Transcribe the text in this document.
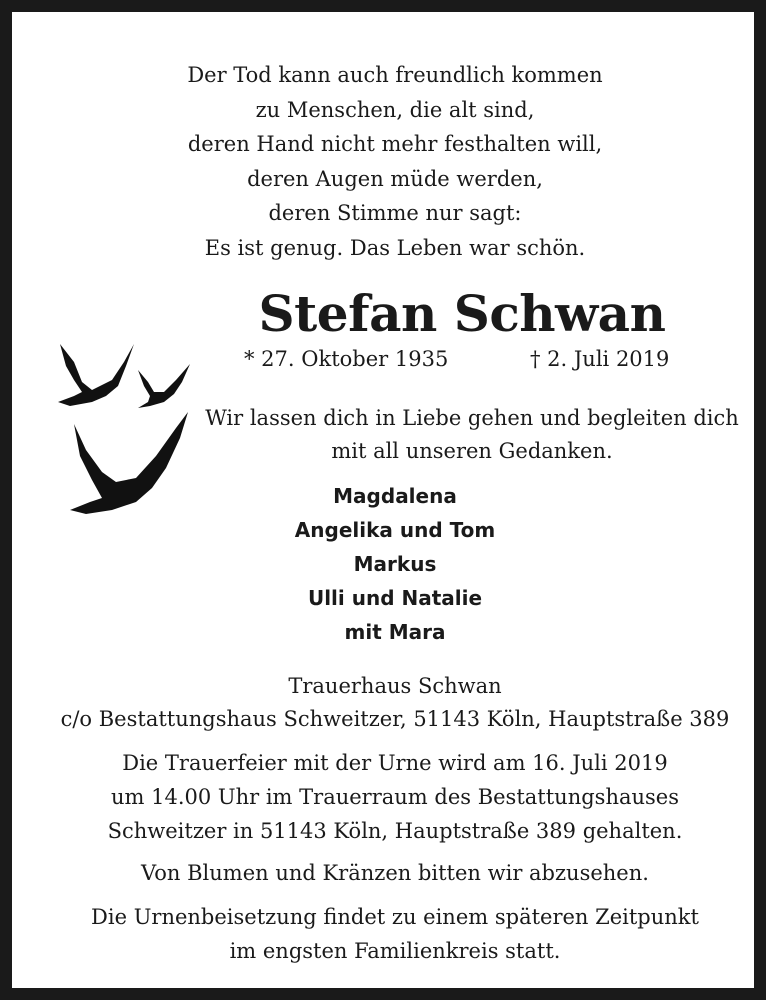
Der Tod kann auch freundlich kommen
zu Menschen, die alt sind,
deren Hand nicht mehr festhalten will,
deren Augen müde werden,
deren Stimme nur sagt:
Es ist genug. Das Leben war schön.
Stefan Schwan
* 27. Oktober 1935	† 2. Juli 2019
Wir lassen dich in Liebe gehen und begleiten dich
mit all unseren Gedanken.
Magdalena
Angelika und Tom
Markus
Ulli und Natalie
mit Mara
Trauerhaus Schwan
c/o Bestattungshaus Schweitzer, 51143 Köln, Hauptstraße 389
Die Trauerfeier mit der Urne wird am 16. Juli 2019
um 14.00 Uhr im Trauerraum des Bestattungshauses
Schweitzer in 51143 Köln, Hauptstraße 389 gehalten.
Von Blumen und Kränzen bitten wir abzusehen.
Die Urnenbeisetzung findet zu einem späteren Zeitpunkt
im engsten Familienkreis statt.
